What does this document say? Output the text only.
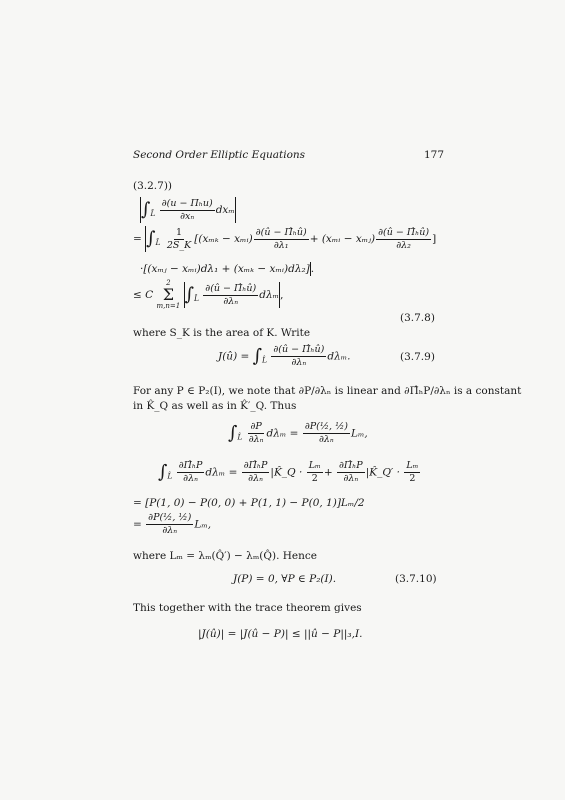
Second Order Elliptic Equations	177
(3.2.7))
$\int_{L̂} \frac{\text{∂(u − Πₕu)}}{\text{∂xₙ}}$ dxₘ
= $\int_{L̂} \frac{1}{2S\_K} [(x_{mk}$ − xₘᵢ) $\frac{\text{∂(û − Π̂ₕû)}}{\text{∂λ₁}}$ + (xₘᵢ − xₘⱼ) $\frac{\text{∂(û − Π̂ₕû)}}{\text{∂λ₂}}$ ]
·[(xₘⱼ − xₘᵢ)dλ₁ + (xₘₖ − xₘᵢ)dλ₂].
≤ C
2
Σ
m,n=1
$\int_{L̂} \frac{\text{∂(û − Π̂ₕû)}}{\text{∂λₙ}} d\lambda_m$,
(3.7.8)
where S_K is the area of K. Write
J(û) = $\int_{L̂} \frac{\text{∂(û − Π̂ₕû)}}{\text{∂λₙ}} d\lambda_m$.	(3.7.9)
For any P ∈ P₂(I), we note that ∂P/∂λₙ is linear and ∂Π̂ₕP/∂λₙ is a constant
in K̂_Q as well as in K̂′_Q. Thus
$\int_{L̂} \frac{\partial P}{\text{∂λₙ}}$ $d\lambda_m = \frac{\text{∂P(½, ½)}}{\text{∂λₙ}} L_m$,
$\int_{L̂} \frac{\text{∂Π̂ₕP}}{\text{∂λₙ}}$ $d\lambda_m = \frac{\text{∂Π̂ₕP}}{\text{∂λₙ}}$ |K̂_Q · $\frac{\text{Lₘ}}{2} + \frac{\text{∂Π̂ₕP}}{\text{∂λₙ}}$ |K̂_Q′ · $\frac{\text{Lₘ}}{2}$
= [P(1, 0) − P(0, 0) + P(1, 1) − P(0, 1)]Lₘ/2
= $\frac{\text{∂P(½, ½)}}{\text{∂λₙ}} L_m$,
where Lₘ = λₘ(Q̂′) − λₘ(Q̂). Hence
J(P) = 0, ∀P ∈ P₂(I).	(3.7.10)
This together with the trace theorem gives
|J(û)| = |J(û − P)| ≤ ||û − P||₃,I.
